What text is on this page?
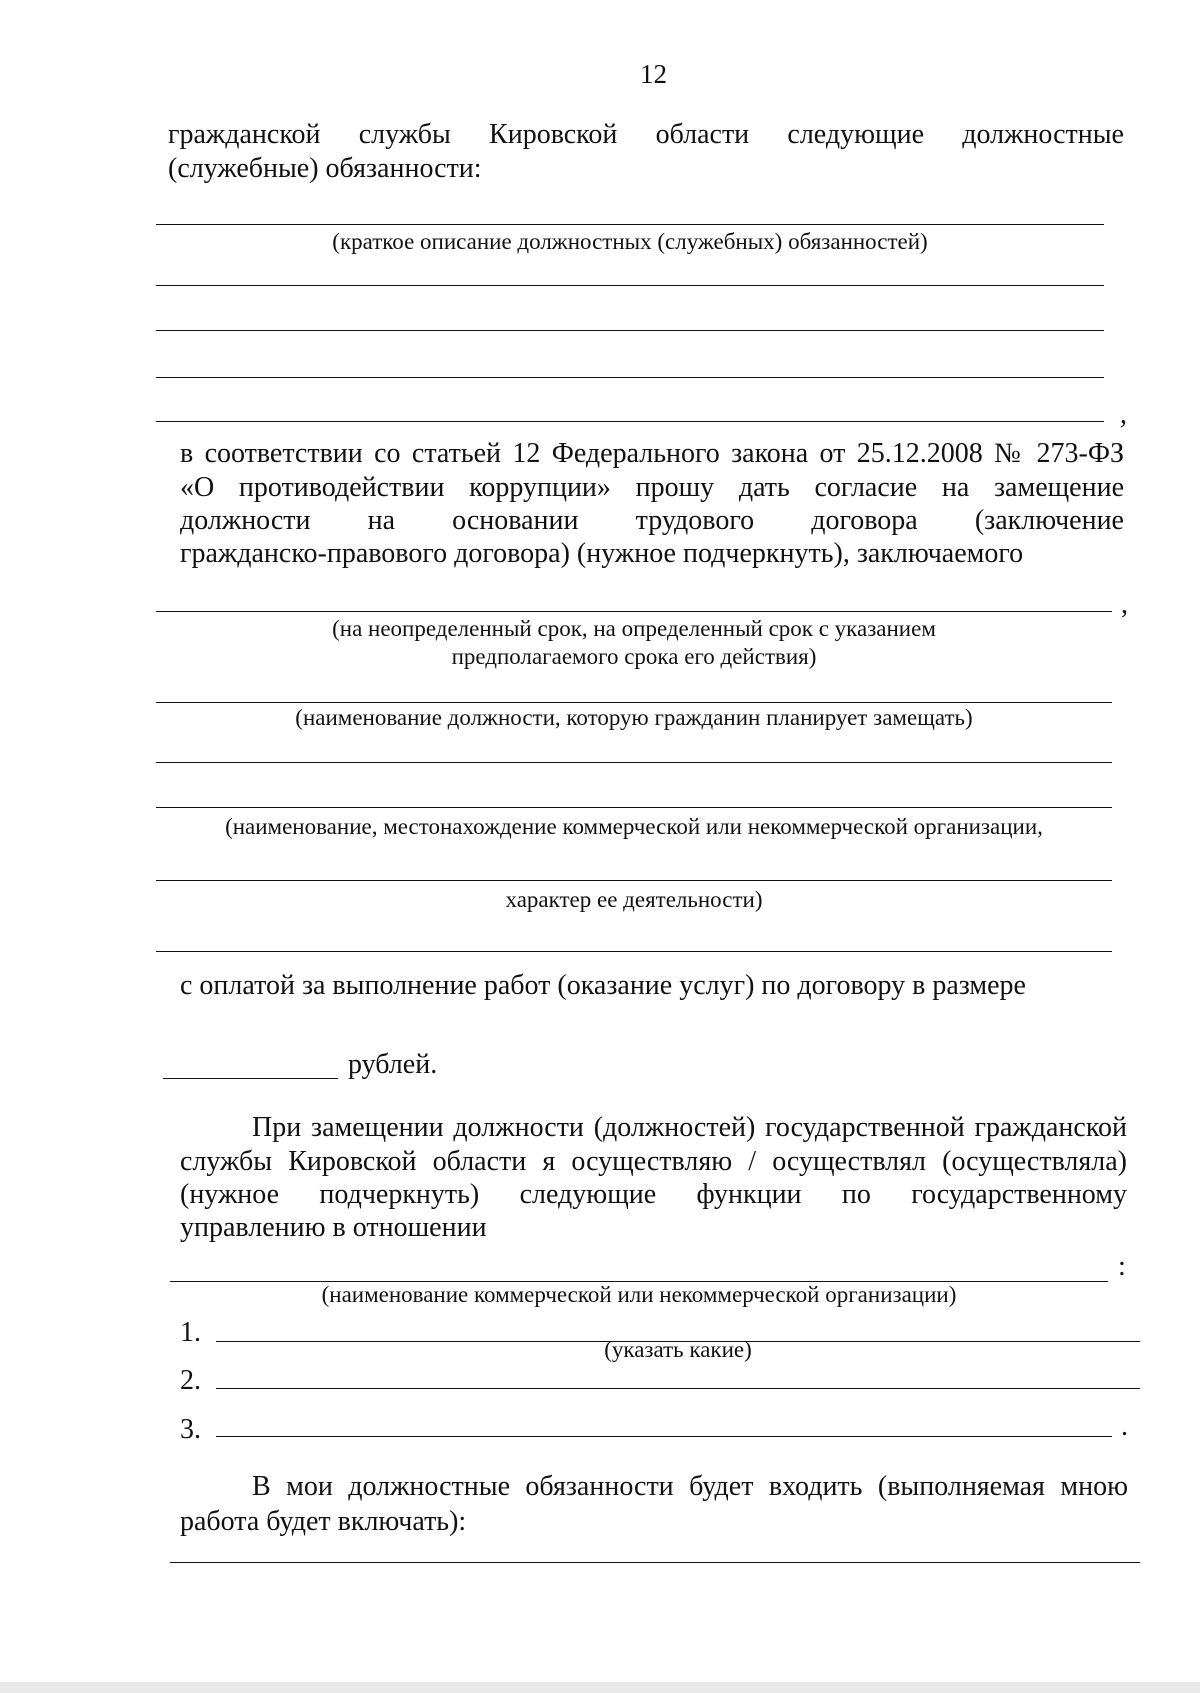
12
гражданской службы Кировской области следующие должностные
(служебные) обязанности:
(краткое описание должностных (служебных) обязанностей)
,
в соответствии со статьей 12 Федерального закона от 25.12.2008 № 273-ФЗ
«О противодействии коррупции» прошу дать согласие на замещение
должности на основании трудового договора (заключение
гражданско-правового договора) (нужное подчеркнуть), заключаемого
,
(на неопределенный срок, на определенный срок с указанием
предполагаемого срока его действия)
(наименование должности, которую гражданин планирует замещать)
(наименование, местонахождение коммерческой или некоммерческой организации,
характер ее деятельности)
с оплатой за выполнение работ (оказание услуг) по договору в размере
рублей.
При замещении должности (должностей) государственной гражданской
службы Кировской области я осуществляю / осуществлял (осуществляла)
(нужное подчеркнуть) следующие функции по государственному
управлению в отношении
:
(наименование коммерческой или некоммерческой организации)
1.
(указать какие)
2.
3.	.
В мои должностные обязанности будет входить (выполняемая мною
работа будет включать):
